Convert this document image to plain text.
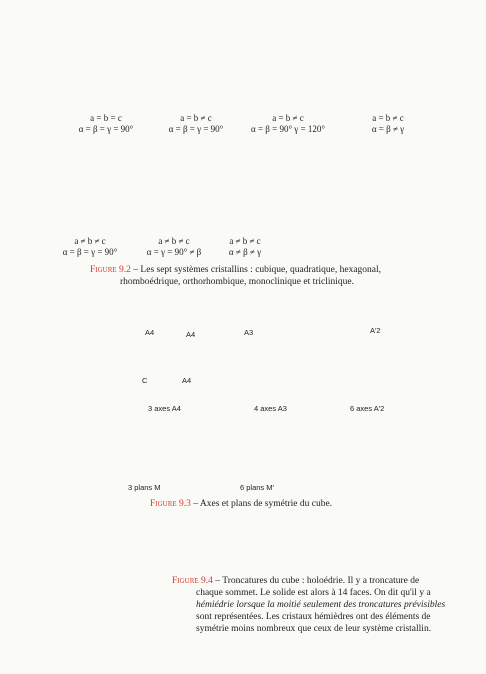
a = b = c
α = β = γ = 90°
a = b ≠ c
α = β = γ = 90°
a = b ≠ c
α = β = 90° γ = 120°
a = b ≠ c
α = β ≠ γ
a ≠ b ≠ c
α = β = γ = 90°
a ≠ b ≠ c
α = γ = 90° ≠ β
a ≠ b ≠ c
α ≠ β ≠ γ
Figure 9.2 – Les sept systèmes cristallins : cubique, quadratique, hexagonal,
rhomboédrique, orthorhombique, monoclinique et triclinique.
A4	A4
A4
C
3 axes A4
A3
4 axes A3
A′2
6 axes A′2
3 plans M	6 plans M′
Figure 9.3 – Axes et plans de symétrie du cube.
Figure 9.4 – Troncatures du cube : holoédrie. Il y a troncature de
chaque sommet. Le solide est alors à 14 faces. On dit qu'il y a
hémiédrie lorsque la moitié seulement des troncatures prévisibles
sont représentées. Les cristaux hémièdres ont des éléments de
symétrie moins nombreux que ceux de leur système cristallin.
